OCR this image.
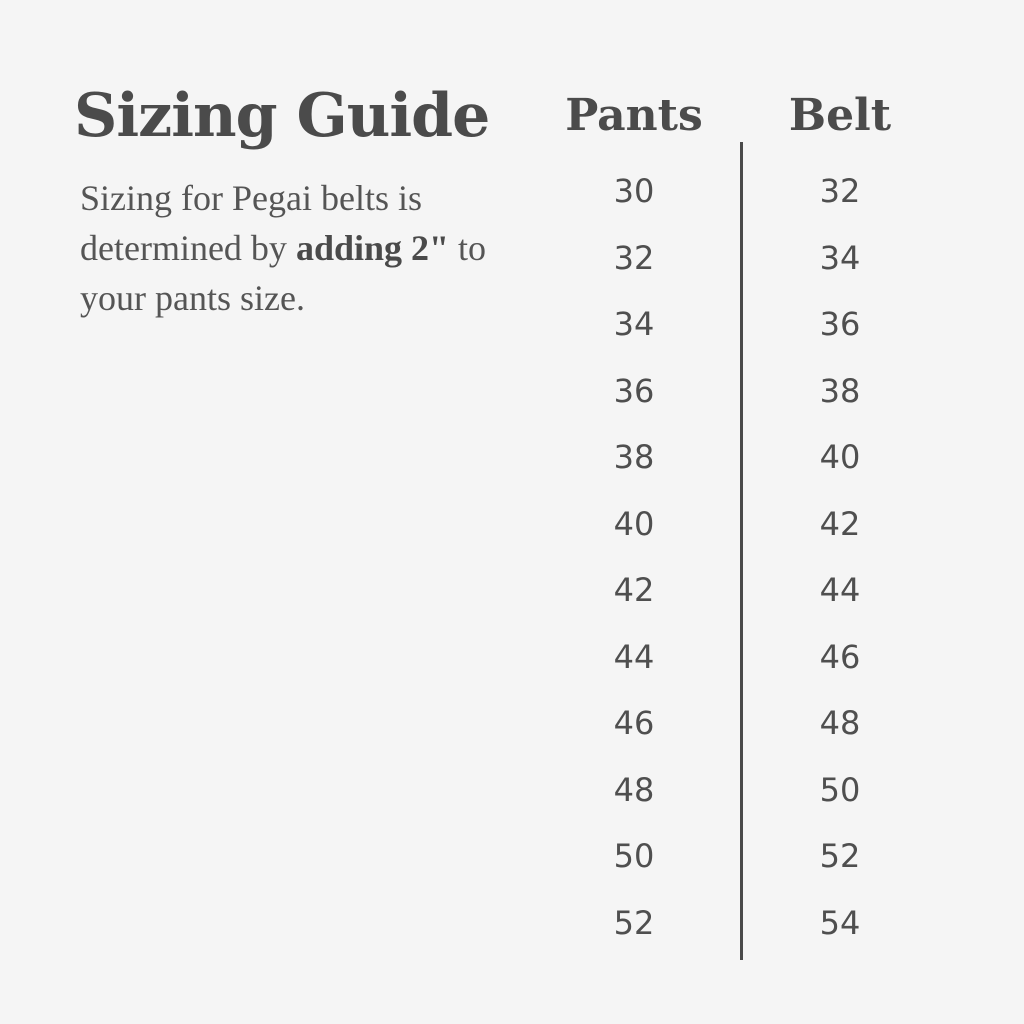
Sizing Guide

Sizing for Pegai belts is determined by adding 2" to your pants size.

Pants	Belt
30
32
34
36
38
40
42
44
46
48
50
52
32
34
36
38
40
42
44
46
48
50
52
54
